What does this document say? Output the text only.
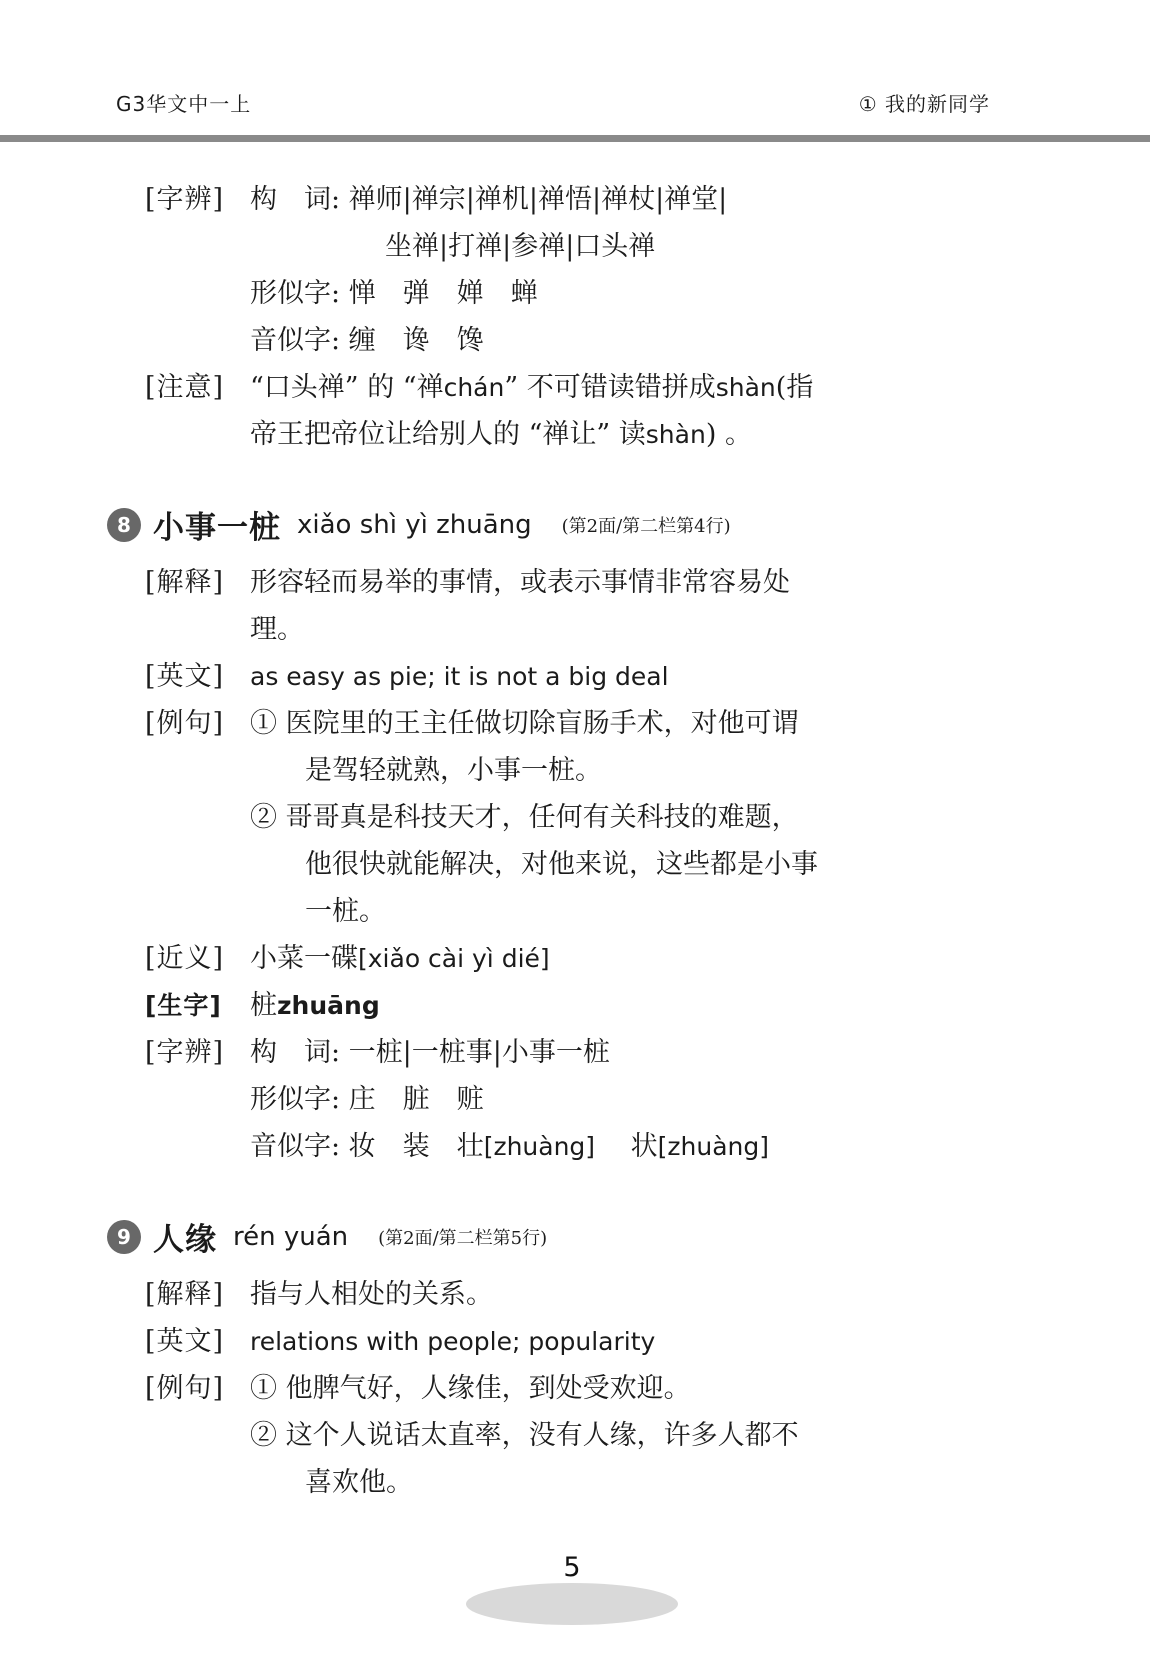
G3华文中一上	① 我的新同学
[字辨] 构　词: 禅师|禅宗|禅机|禅悟|禅杖|禅堂|
坐禅|打禅|参禅|口头禅
形似字: 惮　弹　婵　蝉
音似字: 缠　谗　馋
[注意] “口头禅” 的 “禅 chán ” 不可错读错拼成 shàn (指
帝王把帝位让给别人的 “禅让” 读 shàn ) 。
8 小事一桩 xiǎo shì yì zhuāng (第2面/第二栏第4行)
[解释] 形容轻而易举的事情，或表示事情非常容易处
理。
[英文]	as easy as pie; it is not a big deal
[例句] ① 医院里的王主任做切除盲肠手术，对他可谓
是驾轻就熟，小事一桩。
② 哥哥真是科技天才，任何有关科技的难题，
他很快就能解决，对他来说，这些都是小事
一桩。
[近义] 小菜一碟 [xiǎo cài yì dié]
[生字]	桩 zhuāng
[字辨] 构　词: 一桩|一桩事|小事一桩
形似字: 庄　脏　赃
音似字: 妆　装　壮 [zhuàng] 　 状 [zhuàng]
9 人缘 rén yuán (第2面/第二栏第5行)
[解释] 指与人相处的关系。
[英文]	relations with people; popularity
[例句] ① 他脾气好，人缘佳，到处受欢迎。
② 这个人说话太直率，没有人缘，许多人都不
喜欢他。
5
